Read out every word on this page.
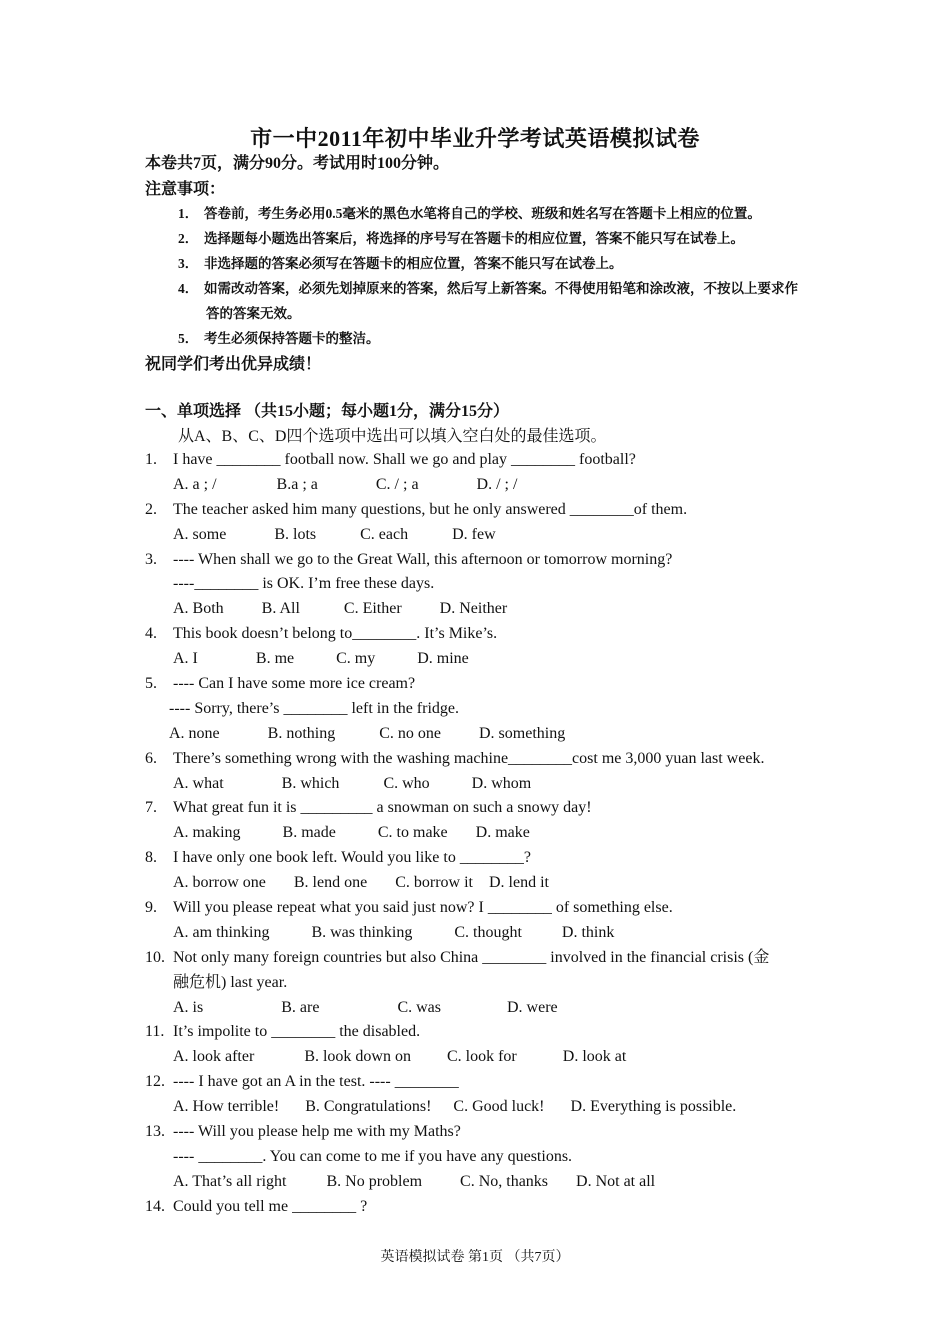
市一中2011年初中毕业升学考试英语模拟试卷
本卷共7页，满分90分。考试用时100分钟。
注意事项：
1． 答卷前，考生务必用0.5毫米的黑色水笔将自己的学校、班级和姓名写在答题卡上相应的位置。
2． 选择题每小题选出答案后，将选择的序号写在答题卡的相应位置，答案不能只写在试卷上。
3． 非选择题的答案必须写在答题卡的相应位置，答案不能只写在试卷上。
4． 如需改动答案，必须先划掉原来的答案，然后写上新答案。不得使用铅笔和涂改液，不按以上要求作
答的答案无效。
5． 考生必须保持答题卡的整洁。
祝同学们考出优异成绩！
一、单项选择 （共15小题；每小题1分，满分15分）
从A、B、C、D四个选项中选出可以填入空白处的最佳选项。
1. I have ________ football now. Shall we go and play ________ football?
A. a ; /	B.a ; a	C. / ; a	D. / ; /
2. The teacher asked him many questions, but he only answered ________of them.
A. some	B. lots	C. each	D. few
3. ---- When shall we go to the Great Wall, this afternoon or tomorrow morning?
----________ is OK. I’m free these days.
A. Both B. All	C. Either D. Neither
4. This book doesn’t belong to________. It’s Mike’s.
A. I	B. me	C. my	D. mine
5. ---- Can I have some more ice cream?
---- Sorry, there’s ________ left in the fridge.
A. none	B. nothing	C. no one D. something
6. There’s something wrong with the washing machine________cost me 3,000 yuan last week.
A. what	B. which	C. who	D. whom
7. What great fun it is _________ a snowman on such a snowy day!
A. making	B. made	C. to make D. make
8. I have only one book left. Would you like to ________?
A. borrow one B. lend one C. borrow it D. lend it
9. Will you please repeat what you said just now? I ________ of something else.
A. am thinking	B. was thinking	C. thought	D. think
10. Not only many foreign countries but also China ________ involved in the financial crisis (金
融危机) last year.
A. is	B. are	C. was	D. were
11. It’s impolite to ________ the disabled.
A. look after	B. look down on C. look for	D. look at
12. ---- I have got an A in the test. ---- ________
A. How terrible! B. Congratulations! C. Good luck! D. Everything is possible.
13. ---- Will you please help me with my Maths?
---- ________. You can come to me if you have any questions.
A. That’s all right	B. No problem C. No, thanks D. Not at all
14. Could you tell me ________ ?
英语模拟试卷 第1页 （共7页）
